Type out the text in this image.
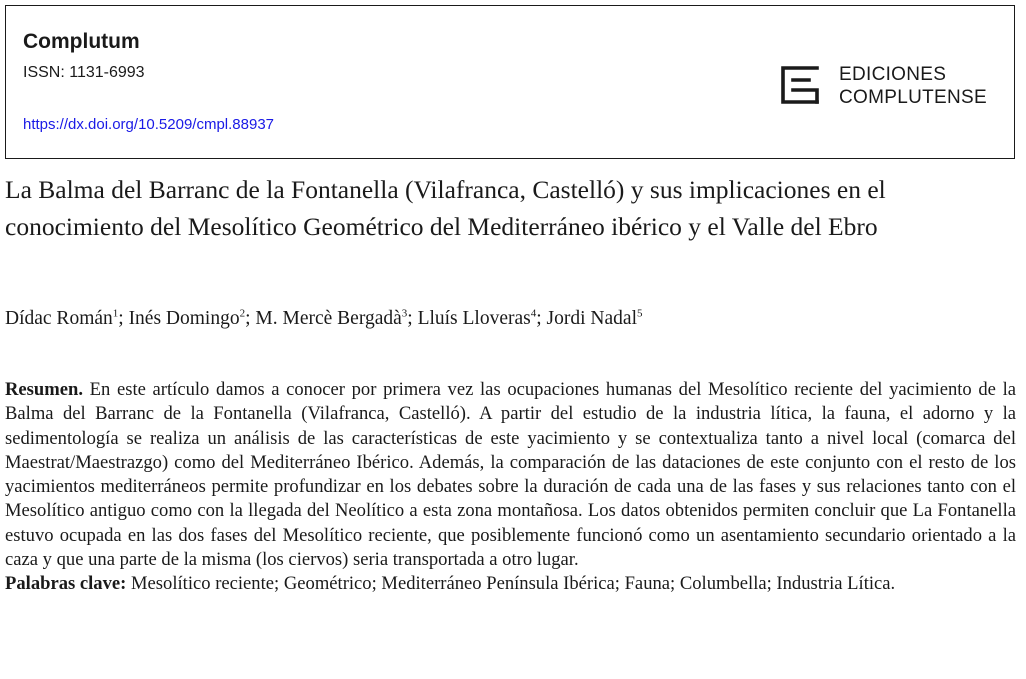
Complutum
ISSN: 1131-6993
https://dx.doi.org/10.5209/cmpl.88937
EDICIONES
COMPLUTENSE
La Balma del Barranc de la Fontanella (Vilafranca, Castelló) y sus implicaciones en el conocimiento del Mesolítico Geométrico del Mediterráneo ibérico y el Valle del Ebro
Dídac Román$^1$; Inés Domingo$^2$; M. Mercè Bergadà$^3$; Lluís Lloveras$^4$; Jordi Nadal$^5$

Resumen. En este artículo damos a conocer por primera vez las ocupaciones humanas del Mesolítico reciente del yacimiento de la Balma del Barranc de la Fontanella (Vilafranca, Castelló). A partir del estudio de la industria lítica, la fauna, el adorno y la sedimentología se realiza un análisis de las características de este yacimiento y se contextualiza tanto a nivel local (comarca del Maestrat/Maestrazgo) como del Mediterráneo Ibérico. Además, la comparación de las dataciones de este conjunto con el resto de los yacimientos mediterráneos permite profundizar en los debates sobre la duración de cada una de las fases y sus relaciones tanto con el Mesolítico antiguo como con la llegada del Neolítico a esta zona montañosa. Los datos obtenidos permiten concluir que La Fontanella estuvo ocupada en las dos fases del Mesolítico reciente, que posiblemente funcionó como un asentamiento secundario orientado a la caza y que una parte de la misma (los ciervos) seria transportada a otro lugar.

Palabras clave: Mesolítico reciente; Geométrico; Mediterráneo Península Ibérica; Fauna; Columbella; Industria Lítica.
